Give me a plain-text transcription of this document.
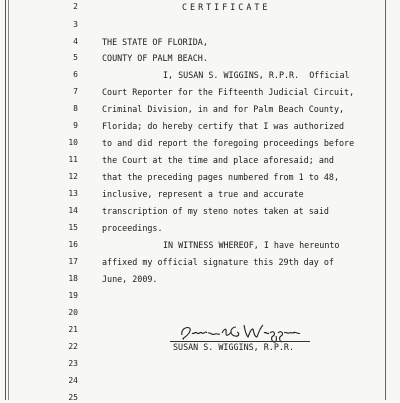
2
3
4
5
6
7
8
9
10
11
12
13
14
15
16
17
18
19
20
21
22
23
24
25
CERTIFICATE
THE STATE OF FLORIDA,
COUNTY OF PALM BEACH.
I, SUSAN S. WIGGINS, R.P.R.  Official
Court Reporter for the Fifteenth Judicial Circuit,
Criminal Division, in and for Palm Beach County,
Florida; do hereby certify that I was authorized
to and did report the foregoing proceedings before
the Court at the time and place aforesaid; and
that the preceding pages numbered from 1 to 48,
inclusive, represent a true and accurate
transcription of my steno notes taken at said
proceedings.
IN WITNESS WHEREOF, I have hereunto
affixed my official signature this 29th day of
June, 2009.
SUSAN S. WIGGINS, R.P.R.
